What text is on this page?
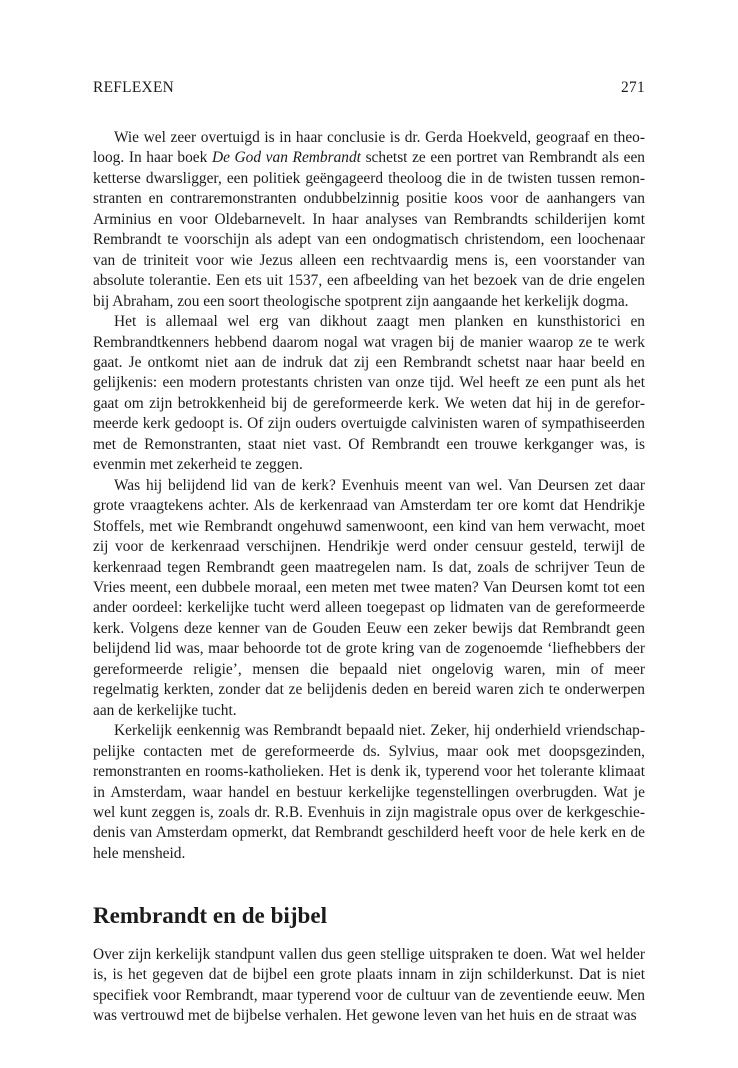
REFLEXEN	271

Wie wel zeer overtuigd is in haar conclusie is dr. Gerda Hoekveld, geograaf en theoloog. In haar boek De God van Rembrandt schetst ze een portret van Rembrandt als een ketterse dwarsligger, een politiek geëngageerd theoloog die in de twisten tussen remonstranten en contraremonstranten ondubbelzinnig positie koos voor de aanhangers van Arminius en voor Oldebarnevelt. In haar analyses van Rembrandts schilderijen komt Rembrandt te voorschijn als adept van een ondogmatisch christendom, een loochenaar van de triniteit voor wie Jezus alleen een rechtvaardig mens is, een voorstander van absolute tolerantie. Een ets uit 1537, een afbeelding van het bezoek van de drie engelen bij Abraham, zou een soort theologische spotprent zijn aangaande het kerkelijk dogma.

Het is allemaal wel erg van dikhout zaagt men planken en kunsthistorici en Rembrandtkenners hebbend daarom nogal wat vragen bij de manier waarop ze te werk gaat. Je ontkomt niet aan de indruk dat zij een Rembrandt schetst naar haar beeld en gelijkenis: een modern protestants christen van onze tijd. Wel heeft ze een punt als het gaat om zijn betrokkenheid bij de gereformeerde kerk. We weten dat hij in de gereformeerde kerk gedoopt is. Of zijn ouders overtuigde calvinisten waren of sympathiseerden met de Remonstranten, staat niet vast. Of Rembrandt een trouwe kerkganger was, is evenmin met zekerheid te zeggen.

Was hij belijdend lid van de kerk? Evenhuis meent van wel. Van Deursen zet daar grote vraagtekens achter. Als de kerkenraad van Amsterdam ter ore komt dat Hendrikje Stoffels, met wie Rembrandt ongehuwd samenwoont, een kind van hem verwacht, moet zij voor de kerkenraad verschijnen. Hendrikje werd onder censuur gesteld, terwijl de kerkenraad tegen Rembrandt geen maatregelen nam. Is dat, zoals de schrijver Teun de Vries meent, een dubbele moraal, een meten met twee maten? Van Deursen komt tot een ander oordeel: kerkelijke tucht werd alleen toegepast op lidmaten van de gereformeerde kerk. Volgens deze kenner van de Gouden Eeuw een zeker bewijs dat Rembrandt geen belijdend lid was, maar behoorde tot de grote kring van de zogenoemde ‘liefhebbers der gereformeerde religie’, mensen die bepaald niet ongelovig waren, min of meer regelmatig kerkten, zonder dat ze belijdenis deden en bereid waren zich te onderwerpen aan de kerkelijke tucht.

Kerkelijk eenkennig was Rembrandt bepaald niet. Zeker, hij onderhield vriendschappelijke contacten met de gereformeerde ds. Sylvius, maar ook met doopsgezinden, remonstranten en rooms-katholieken. Het is denk ik, typerend voor het tolerante klimaat in Amsterdam, waar handel en bestuur kerkelijke tegenstellingen overbrugden. Wat je wel kunt zeggen is, zoals dr. R.B. Evenhuis in zijn magistrale opus over de kerkgeschiedenis van Amsterdam opmerkt, dat Rembrandt geschilderd heeft voor de hele kerk en de hele mensheid.

Rembrandt en de bijbel

Over zijn kerkelijk standpunt vallen dus geen stellige uitspraken te doen. Wat wel helder is, is het gegeven dat de bijbel een grote plaats innam in zijn schilderkunst. Dat is niet specifiek voor Rembrandt, maar typerend voor de cultuur van de zeventiende eeuw. Men was vertrouwd met de bijbelse verhalen. Het gewone leven van het huis en de straat was
